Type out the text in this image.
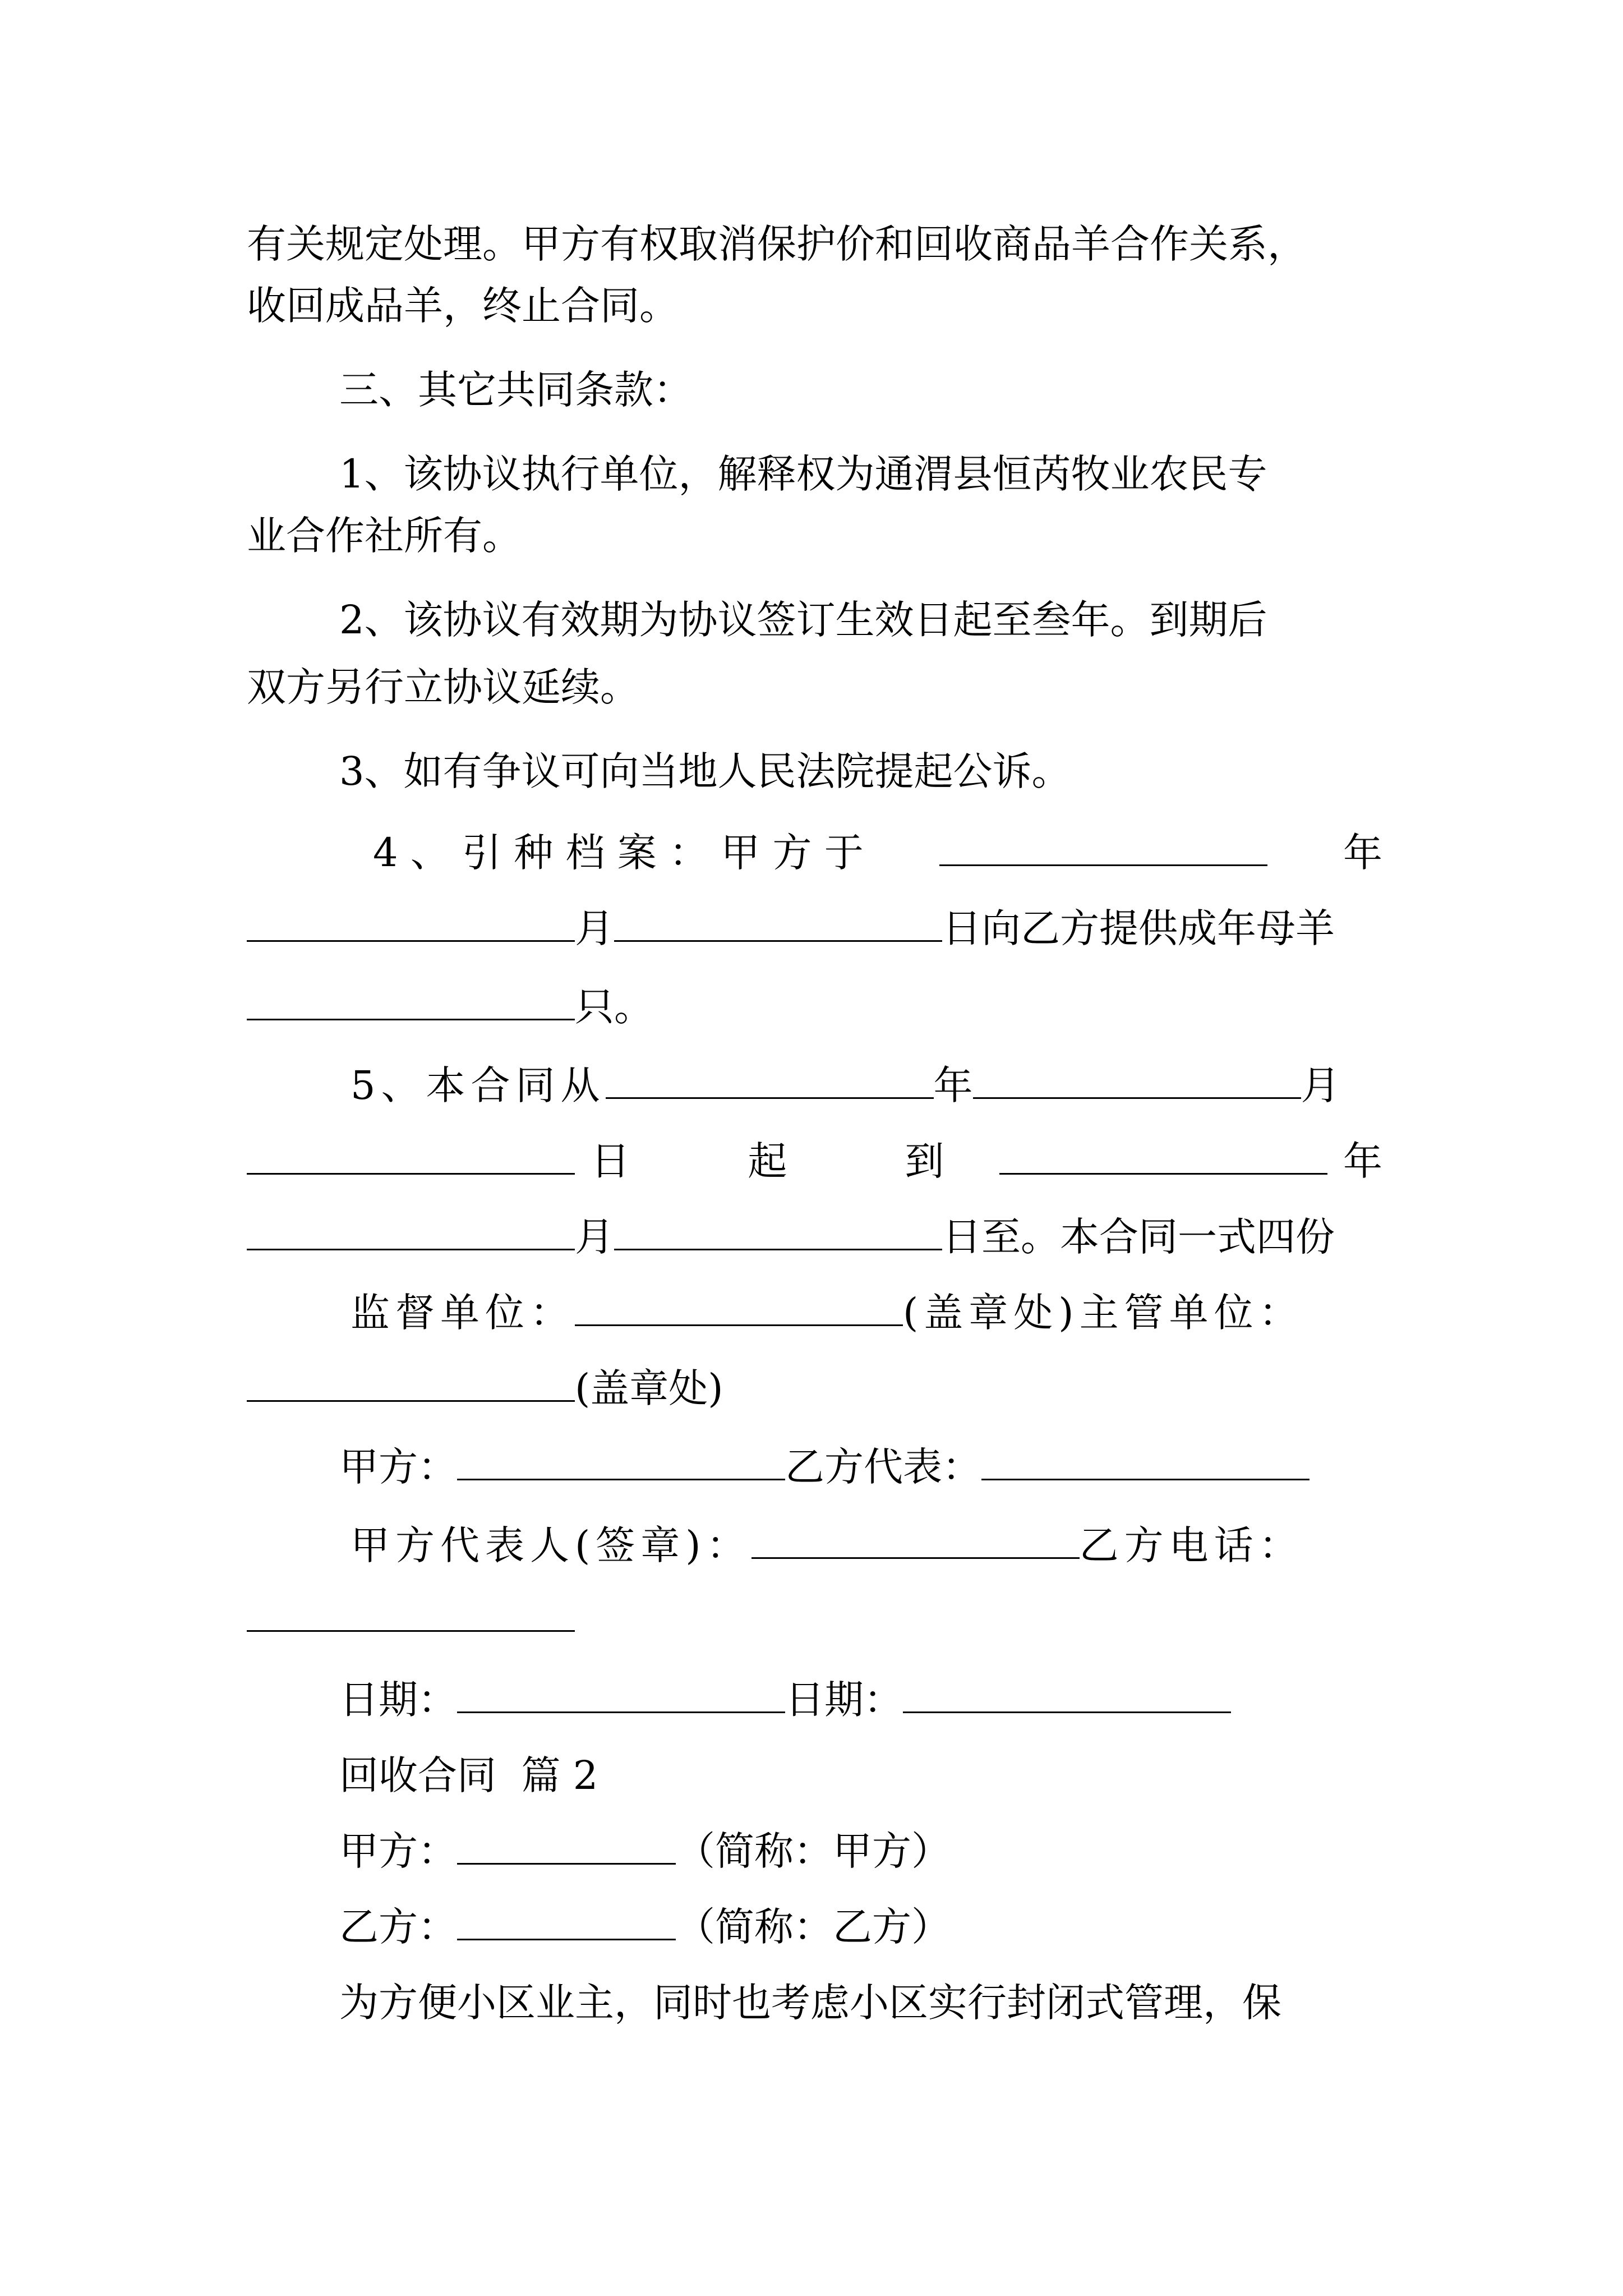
有关规定处理。甲方有权取消保护价和回收商品羊合作关系，
收回成品羊，终止合同。
三、其它共同条款：
1、该协议执行单位，解释权为通渭县恒芮牧业农民专
业合作社所有。
2、该协议有效期为协议签订生效日起至叁年。到期后
双方另行立协议延续。
3、如有争议可向当地人民法院提起公诉。
4 、 引 种 档 案 ： 甲 方 于	年
月	日向乙方提供成年母羊
只。
5、本合同从	年	月
日　起　到	年
月	日至。本合同一式四份
监督单位：	(盖章处)主管单位：
(盖章处)
甲方：	乙方代表：
甲方代表人(签章)：	乙方电话：
日期：	日期：
回收合同  篇 2
甲方：	（简称：甲方）
乙方：	（简称：乙方）
为方便小区业主，同时也考虑小区实行封闭式管理，保
